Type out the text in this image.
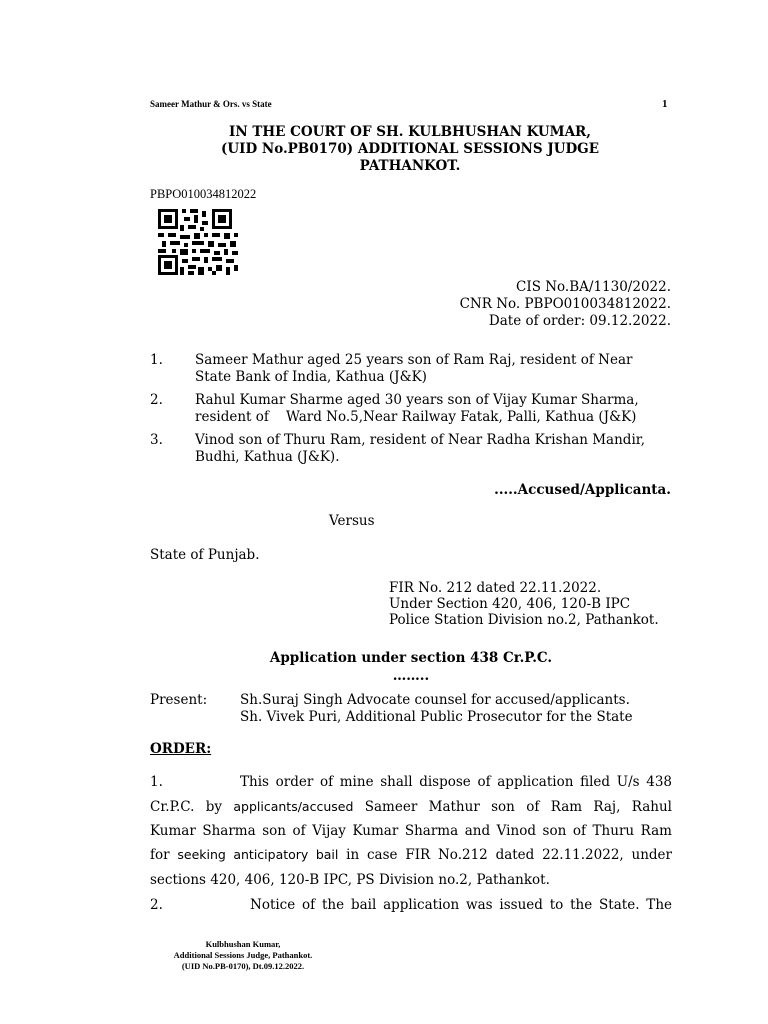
Sameer Mathur & Ors. vs State	1
IN THE COURT OF SH. KULBHUSHAN KUMAR,
(UID No.PB0170) ADDITIONAL SESSIONS JUDGE
PATHANKOT.
PBPO010034812022
CIS No.BA/1130/2022.
CNR No. PBPO010034812022.
Date of order: 09.12.2022.
1. Sameer Mathur aged 25 years son of Ram Raj, resident of Near
State Bank of India, Kathua (J&K)
2. Rahul Kumar Sharme aged 30 years son of Vijay Kumar Sharma,
resident of    Ward No.5,Near Railway Fatak, Palli, Kathua (J&K)
3. Vinod son of Thuru Ram, resident of Near Radha Krishan Mandir,
Budhi, Kathua (J&K).
.....Accused/Applicanta.
Versus
State of Punjab.
FIR No. 212 dated 22.11.2022.
Under Section 420, 406, 120-B IPC
Police Station Division no.2, Pathankot.
Application under section 438 Cr.P.C.
……..
Present: Sh.Suraj Singh Advocate counsel for accused/applicants.
Sh. Vivek Puri, Additional Public Prosecutor for the State
ORDER:
1.	This order of mine shall dispose of application filed U/s 438
Cr.P.C. by applicants/accused Sameer Mathur son of Ram Raj, Rahul
Kumar Sharma son of Vijay Kumar Sharma and Vinod son of Thuru Ram
for seeking anticipatory bail in case FIR No.212 dated 22.11.2022, under
sections 420, 406, 120-B IPC, PS Division no.2, Pathankot.
2.	Notice of the bail application was issued to the State. The
Kulbhushan Kumar,
Additional Sessions Judge, Pathankot.
(UID No.PB-0170), Dt.09.12.2022.
